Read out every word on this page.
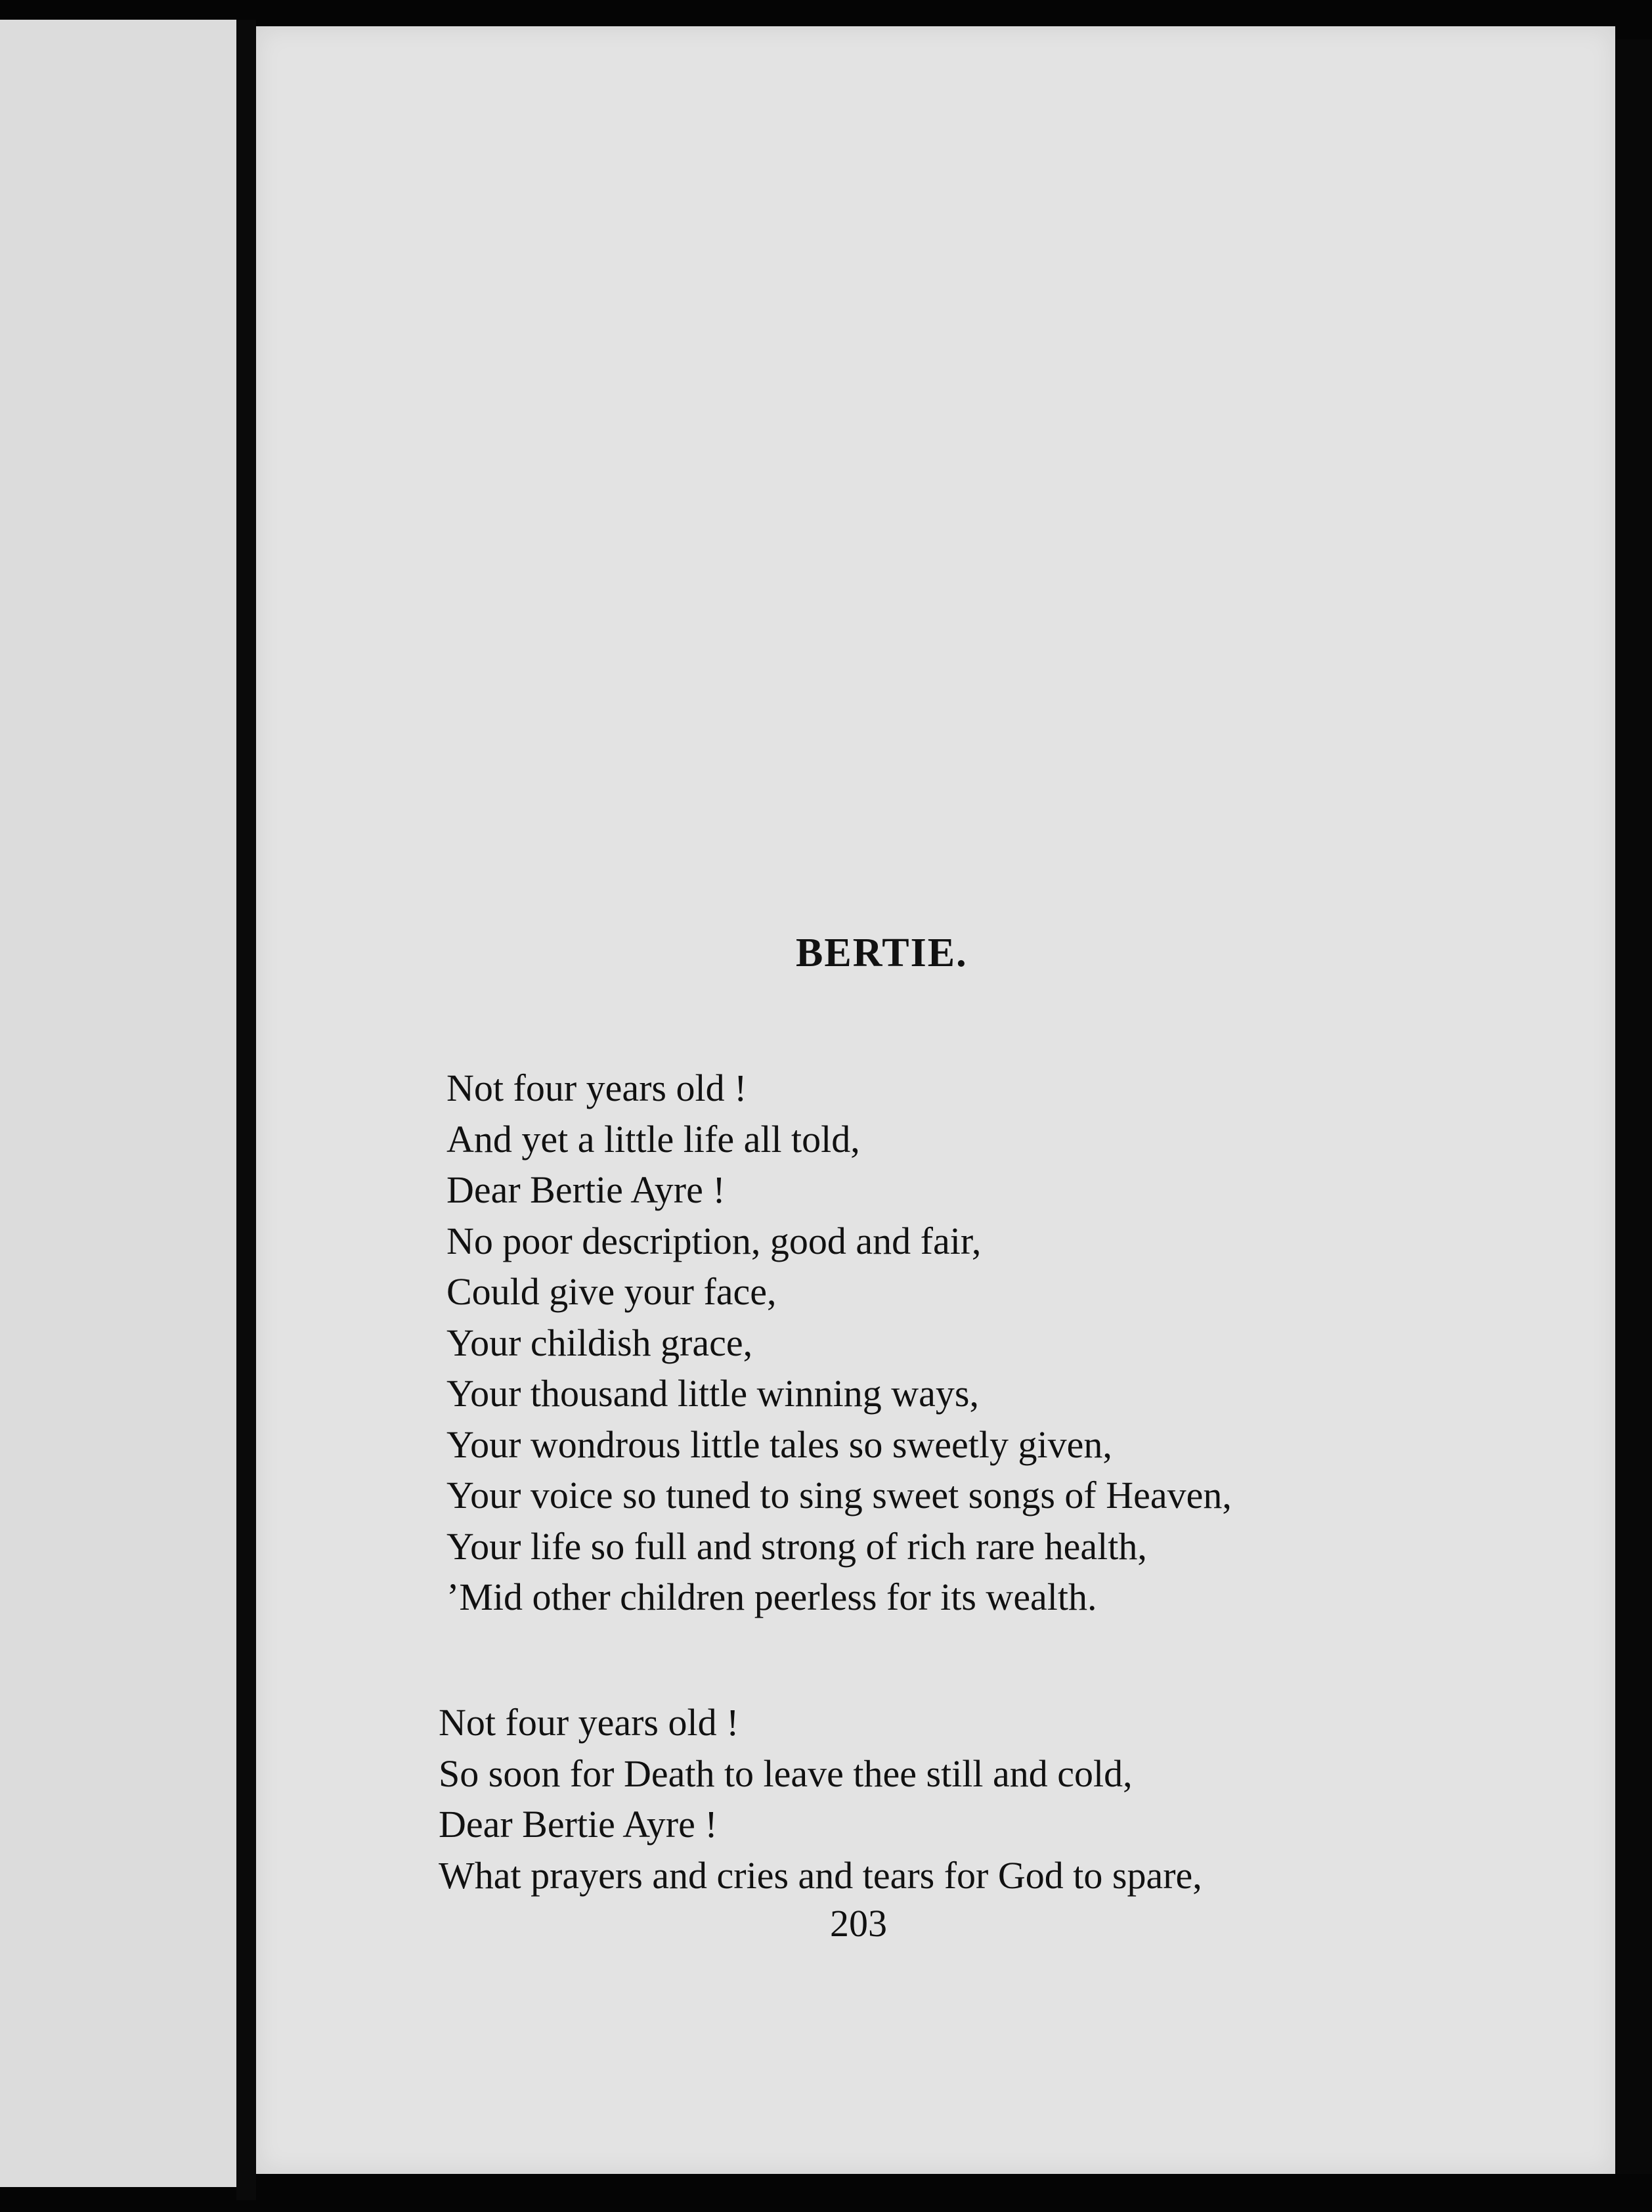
BERTIE.
Not four years old !
And yet a little life all told,
Dear Bertie Ayre !
No poor description, good and fair,
Could give your face,
Your childish grace,
Your thousand little winning ways,
Your wondrous little tales so sweetly given,
Your voice so tuned to sing sweet songs of Heaven,
Your life so full and strong of rich rare health,
’Mid other children peerless for its wealth.
Not four years old !
So soon for Death to leave thee still and cold,
Dear Bertie Ayre !
What prayers and cries and tears for God to spare,

203
